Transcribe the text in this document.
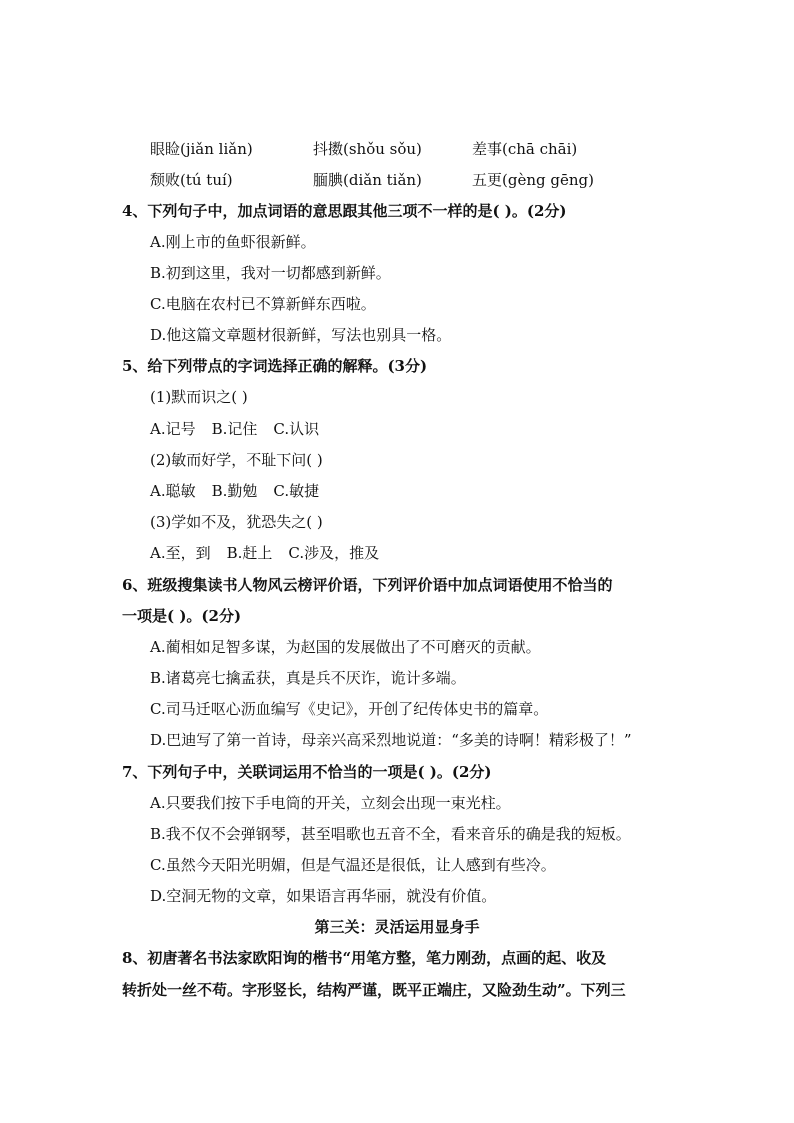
眼睑(jiǎn liǎn)	抖擞(shǒu sǒu)	差事(chā chāi)
颓败(tú tuí)	腼腆(diǎn tiǎn)	五更(gèng gēng)
4、下列句子中，加点词语的意思跟其他三项不一样的是( )。(2分)
A.刚上市的鱼虾很新鲜。
B.初到这里，我对一切都感到新鲜。
C.电脑在农村已不算新鲜东西啦。
D.他这篇文章题材很新鲜，写法也别具一格。
5、给下列带点的字词选择正确的解释。(3分)
(1)默而识之( )
A.记号 B.记住 C.认识
(2)敏而好学，不耻下问( )
A.聪敏 B.勤勉 C.敏捷
(3)学如不及，犹恐失之( )
A.至，到 B.赶上 C.涉及，推及
6、班级搜集读书人物风云榜评价语，下列评价语中加点词语使用不恰当的
一项是( )。(2分)
A.蔺相如足智多谋，为赵国的发展做出了不可磨灭的贡献。
B.诸葛亮七擒孟获，真是兵不厌诈，诡计多端。
C.司马迁呕心沥血编写《史记》，开创了纪传体史书的篇章。
D.巴迪写了第一首诗，母亲兴高采烈地说道：“多美的诗啊！精彩极了！”
7、下列句子中，关联词运用不恰当的一项是( )。(2分)
A.只要我们按下手电筒的开关，立刻会出现一束光柱。
B.我不仅不会弹钢琴，甚至唱歌也五音不全，看来音乐的确是我的短板。
C.虽然今天阳光明媚，但是气温还是很低，让人感到有些冷。
D.空洞无物的文章，如果语言再华丽，就没有价值。
第三关：灵活运用显身手
8、初唐著名书法家欧阳询的楷书“用笔方整，笔力刚劲，点画的起、收及
转折处一丝不苟。字形竖长，结构严谨，既平正端庄，又险劲生动”。下列三
